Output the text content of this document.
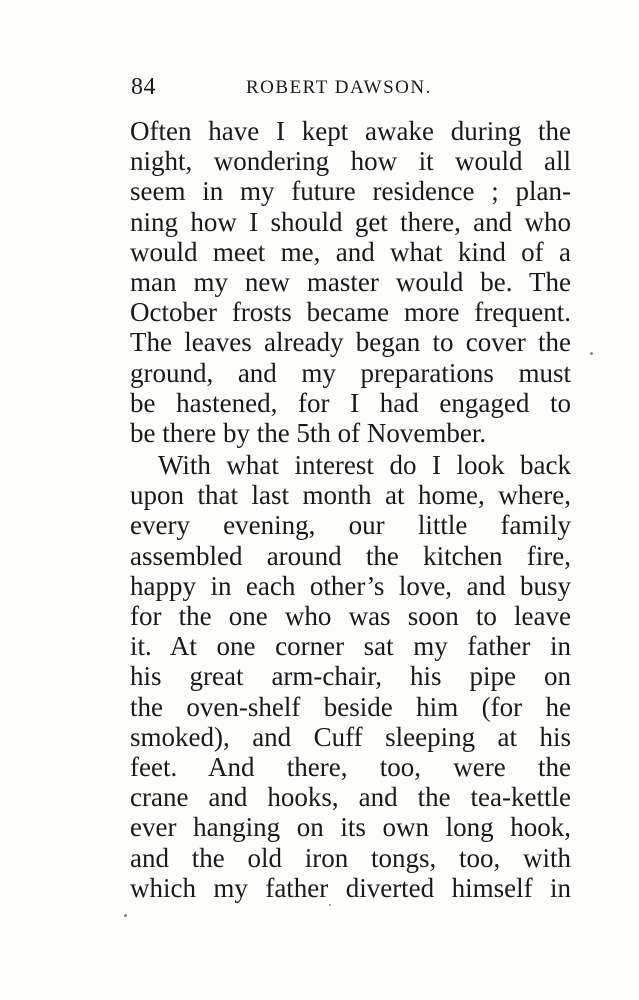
84	ROBERT DAWSON.
Often have I kept awake during the
night, wondering how it would all
seem in my future residence ; plan-
ning how I should get there, and who
would meet me, and what kind of a
man my new master would be. The
October frosts became more frequent.
The leaves already began to cover the
ground, and my preparations must
be hastened, for I had engaged to
be there by the 5th of November.
With what interest do I look back
upon that last month at home, where,
every evening, our little family
assembled around the kitchen fire,
happy in each other’s love, and busy
for the one who was soon to leave
it. At one corner sat my father in
his great arm-chair, his pipe on
the oven-shelf beside him (for he
smoked), and Cuff sleeping at his
feet. And there, too, were the
crane and hooks, and the tea-kettle
ever hanging on its own long hook,
and the old iron tongs, too, with
which my father diverted himself in
